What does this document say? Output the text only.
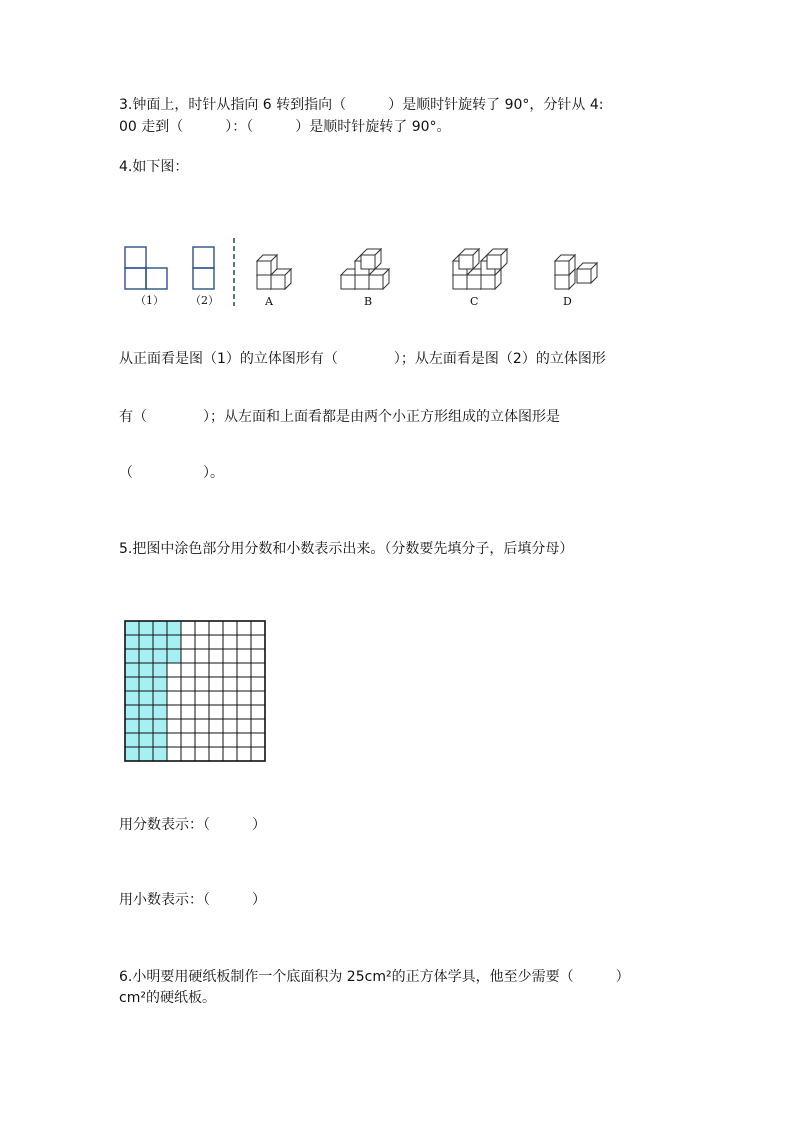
3.钟面上，时针从指向 6 转到指向（　　　）是顺时针旋转了 90°，分针从 4:
00 走到（　　　）：（　　　）是顺时针旋转了 90°。
4.如下图：
（1） （2）	A	B	C	D
从正面看是图（1）的立体图形有（　　　　）；从左面看是图（2）的立体图形
有（　　　　）；从左面和上面看都是由两个小正方形组成的立体图形是
（　　　　　）。
5.把图中涂色部分用分数和小数表示出来。（分数要先填分子，后填分母）
用分数表示：（　　　）
用小数表示：（　　　）
6.小明要用硬纸板制作一个底面积为 25cm²的正方体学具，他至少需要（　　　）
cm²的硬纸板。
